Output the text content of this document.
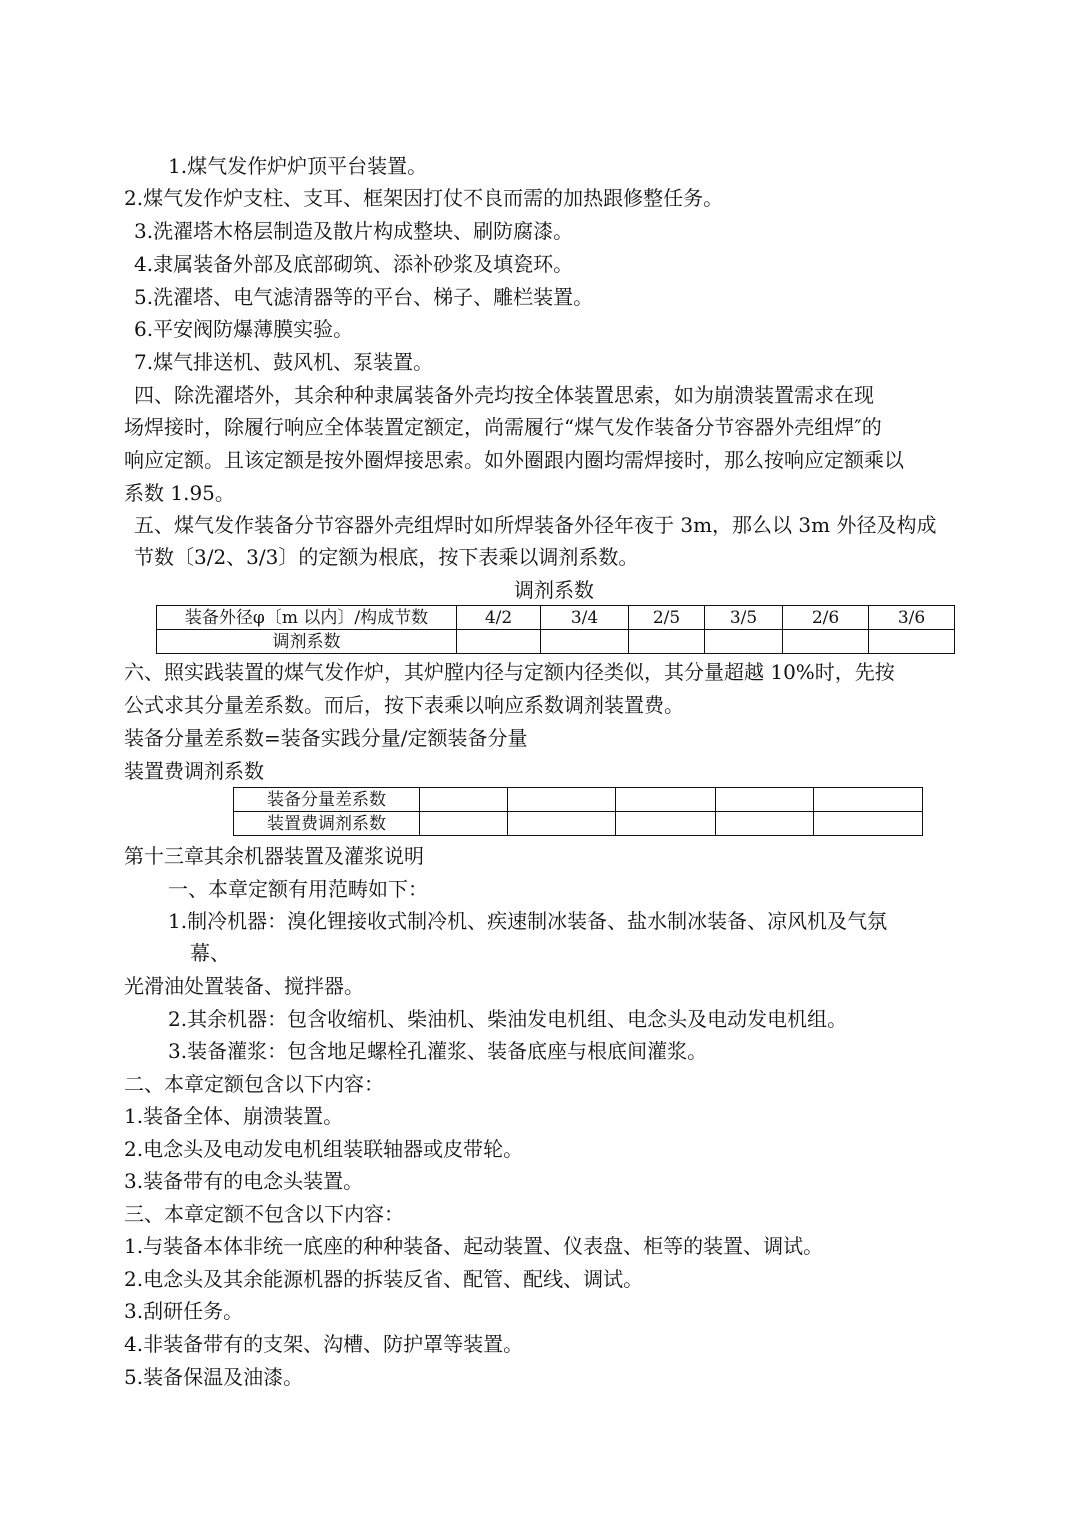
1.煤气发作炉炉顶平台装置。

2.煤气发作炉支柱、支耳、框架因打仗不良而需的加热跟修整任务。

3.洗濯塔木格层制造及散片构成整块、刷防腐漆。

4.隶属装备外部及底部砌筑、添补砂浆及填瓷环。

5.洗濯塔、电气滤清器等的平台、梯子、雕栏装置。

6.平安阀防爆薄膜实验。

7.煤气排送机、鼓风机、泵装置。

四、除洗濯塔外，其余种种隶属装备外壳均按全体装置思索，如为崩溃装置需求在现

场焊接时，除履行响应全体装置定额定，尚需履行“煤气发作装备分节容器外壳组焊″的

响应定额。且该定额是按外圈焊接思索。如外圈跟内圈均需焊接时，那么按响应定额乘以

系数 1.95。

五、煤气发作装备分节容器外壳组焊时如所焊装备外径年夜于 3m，那么以 3m 外径及构成

节数〔3/2、3/3〕的定额为根底，按下表乘以调剂系数。

调剂系数

装备外径φ〔m 以内〕/构成节数	4/2	3/4	2/5	3/5	2/6	3/6
调剂系数						

六、照实践装置的煤气发作炉，其炉膛内径与定额内径类似，其分量超越 10%时，先按

公式求其分量差系数。而后，按下表乘以响应系数调剂装置费。

装备分量差系数=装备实践分量/定额装备分量

装置费调剂系数

装备分量差系数					
装置费调剂系数					

第十三章其余机器装置及灌浆说明

一、本章定额有用范畴如下：

1.制冷机器：溴化锂接收式制冷机、疾速制冰装备、盐水制冰装备、凉风机及气氛

幕、

光滑油处置装备、搅拌器。

2.其余机器：包含收缩机、柴油机、柴油发电机组、电念头及电动发电机组。

3.装备灌浆：包含地足螺栓孔灌浆、装备底座与根底间灌浆。

二、本章定额包含以下内容：

1.装备全体、崩溃装置。

2.电念头及电动发电机组装联轴器或皮带轮。

3.装备带有的电念头装置。

三、本章定额不包含以下内容：

1.与装备本体非统一底座的种种装备、起动装置、仪表盘、柜等的装置、调试。

2.电念头及其余能源机器的拆装反省、配管、配线、调试。

3.刮研任务。

4.非装备带有的支架、沟槽、防护罩等装置。

5.装备保温及油漆。
